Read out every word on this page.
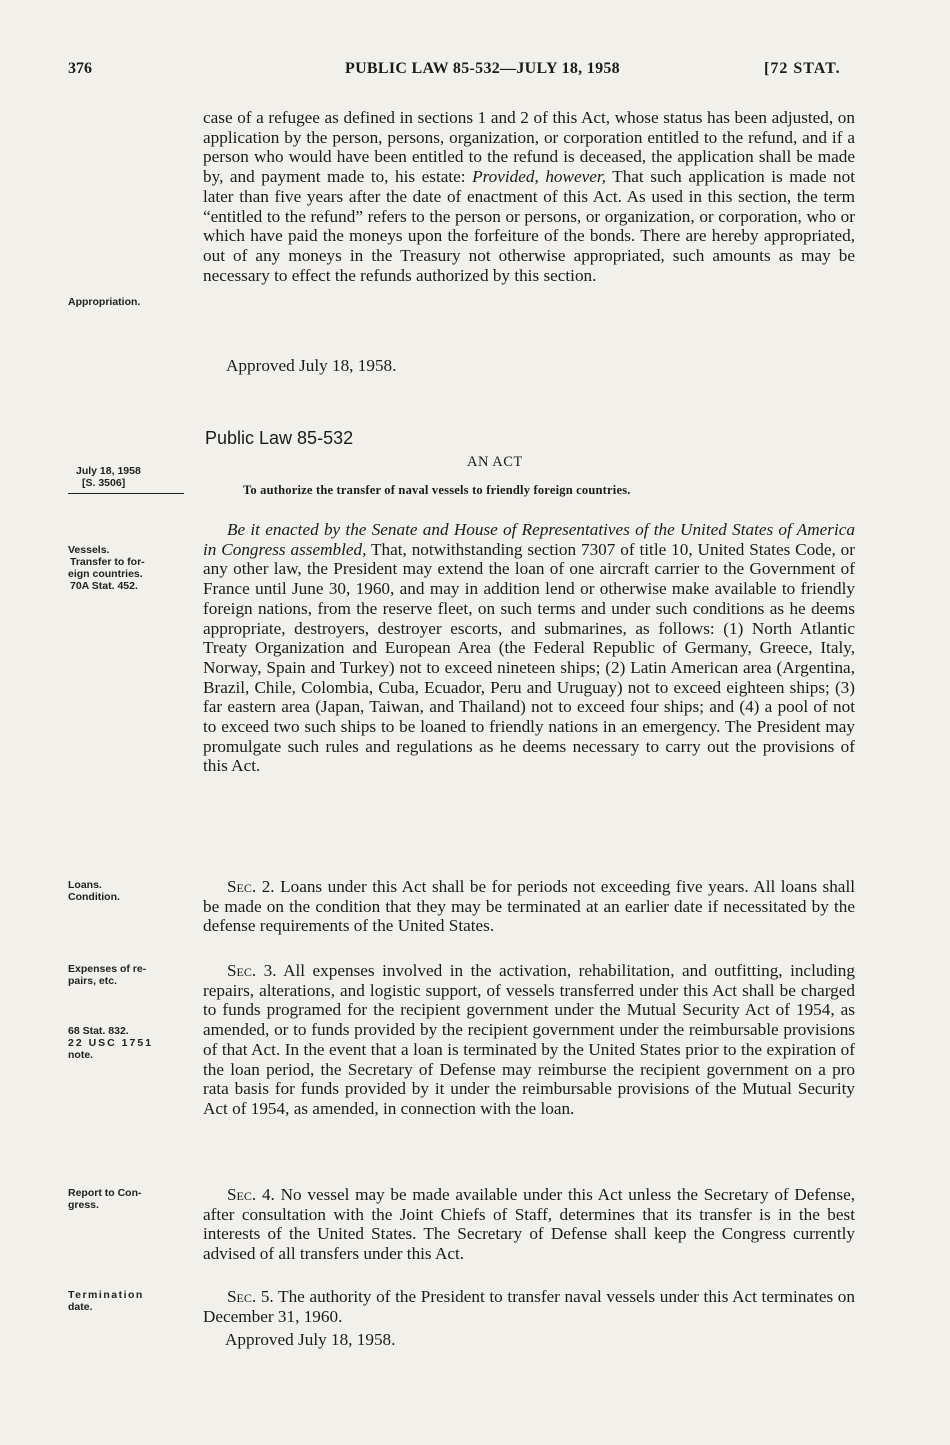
376	PUBLIC LAW 85-532—JULY 18, 1958	[72 STAT.

case of a refugee as defined in sections 1 and 2 of this Act, whose status has been adjusted, on application by the person, persons, organization, or corporation entitled to the refund, and if a person who would have been entitled to the refund is deceased, the application shall be made by, and payment made to, his estate: Provided, however, That such application is made not later than five years after the date of enactment of this Act. As used in this section, the term “entitled to the refund” refers to the person or persons, or organization, or corporation, who or which have paid the moneys upon the forfeiture of the bonds. There are hereby appropriated, out of any moneys in the Treasury not otherwise appropriated, such amounts as may be necessary to effect the refunds authorized by this section.

Approved July 18, 1958.
Public Law 85-532
AN ACT
To authorize the transfer of naval vessels to friendly foreign countries.

Be it enacted by the Senate and House of Representatives of the United States of America in Congress assembled, That, notwithstanding section 7307 of title 10, United States Code, or any other law, the President may extend the loan of one aircraft carrier to the Government of France until June 30, 1960, and may in addition lend or otherwise make available to friendly foreign nations, from the reserve fleet, on such terms and under such conditions as he deems appropriate, destroyers, destroyer escorts, and submarines, as follows: (1) North Atlantic Treaty Organization and European Area (the Federal Republic of Germany, Greece, Italy, Norway, Spain and Turkey) not to exceed nineteen ships; (2) Latin American area (Argentina, Brazil, Chile, Colombia, Cuba, Ecuador, Peru and Uruguay) not to exceed eighteen ships; (3) far eastern area (Japan, Taiwan, and Thailand) not to exceed four ships; and (4) a pool of not to exceed two such ships to be loaned to friendly nations in an emergency. The President may promulgate such rules and regulations as he deems necessary to carry out the provisions of this Act.

Sec. 2. Loans under this Act shall be for periods not exceeding five years. All loans shall be made on the condition that they may be terminated at an earlier date if necessitated by the defense requirements of the United States.

Sec. 3. All expenses involved in the activation, rehabilitation, and outfitting, including repairs, alterations, and logistic support, of vessels transferred under this Act shall be charged to funds programed for the recipient government under the Mutual Security Act of 1954, as amended, or to funds provided by the recipient government under the reimbursable provisions of that Act. In the event that a loan is terminated by the United States prior to the expiration of the loan period, the Secretary of Defense may reimburse the recipient government on a pro rata basis for funds provided by it under the reimbursable provisions of the Mutual Security Act of 1954, as amended, in connection with the loan.

Sec. 4. No vessel may be made available under this Act unless the Secretary of Defense, after consultation with the Joint Chiefs of Staff, determines that its transfer is in the best interests of the United States. The Secretary of Defense shall keep the Congress currently advised of all transfers under this Act.

Sec. 5. The authority of the President to transfer naval vessels under this Act terminates on December 31, 1960.

Approved July 18, 1958.
Appropriation.
July 18, 1958
[S. 3506]
Vessels.
Transfer to for-
eign countries.
70A Stat. 452.
Loans.
Condition.
Expenses of re-
pairs, etc.
68 Stat. 832.
22 USC 1751
note.
Report to Con-
gress.
Termination
date.
